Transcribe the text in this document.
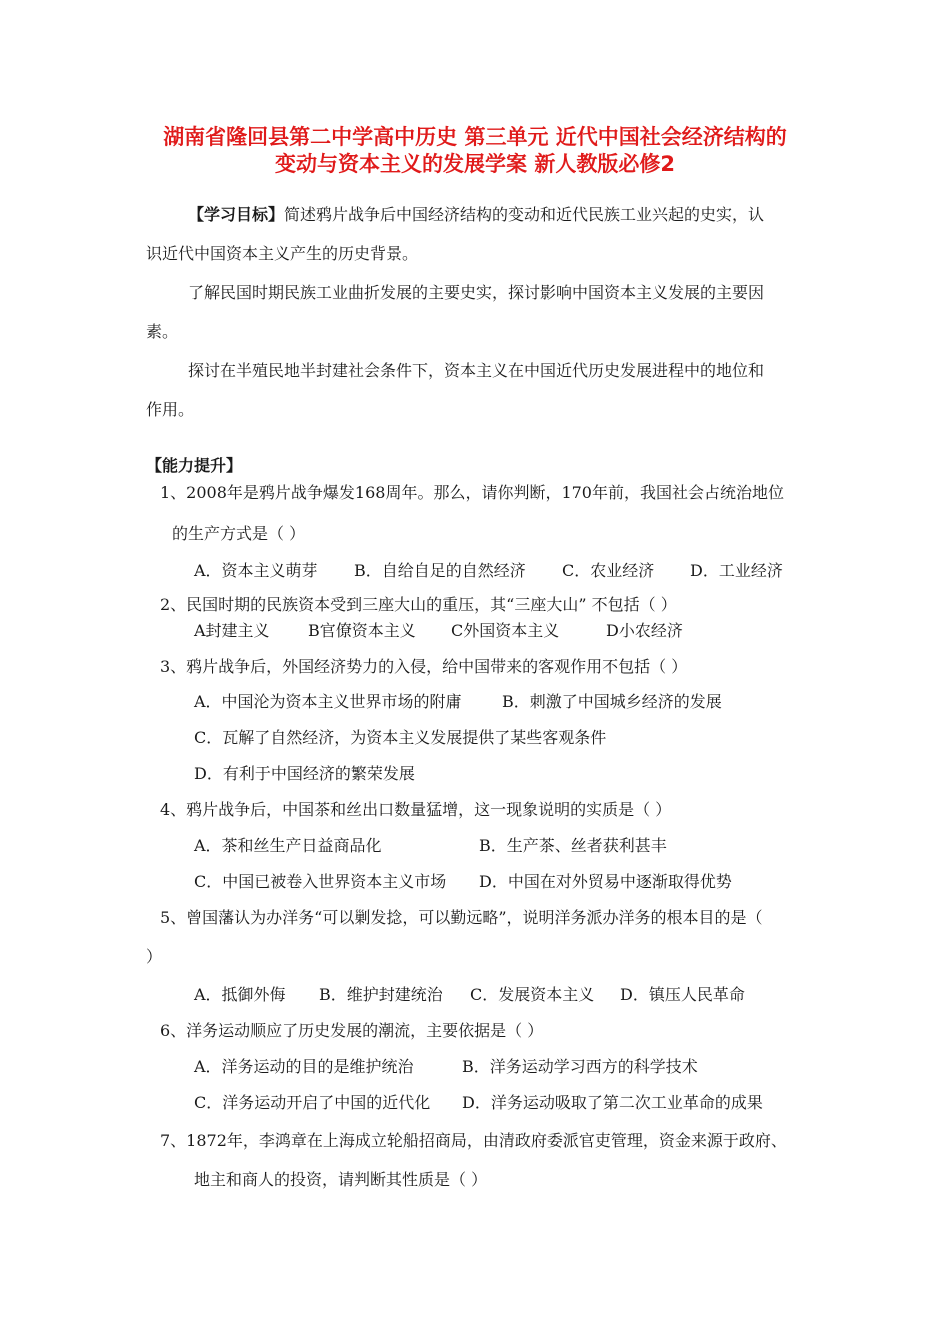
湖南省隆回县第二中学高中历史 第三单元 近代中国社会经济结构的
变动与资本主义的发展学案 新人教版必修2
【学习目标】简述鸦片战争后中国经济结构的变动和近代民族工业兴起的史实，认
识近代中国资本主义产生的历史背景。
了解民国时期民族工业曲折发展的主要史实，探讨影响中国资本主义发展的主要因
素。
探讨在半殖民地半封建社会条件下，资本主义在中国近代历史发展进程中的地位和
作用。
【能力提升】
1、2008年是鸦片战争爆发168周年。那么，请你判断，170年前，我国社会占统治地位
的生产方式是（ ）
A．资本主义萌芽 B．自给自足的自然经济 C．农业经济 D．工业经济
2、民国时期的民族资本受到三座大山的重压，其“三座大山” 不包括（ ）
A封建主义 B官僚资本主义 C外国资本主义	D小农经济
3、鸦片战争后，外国经济势力的入侵，给中国带来的客观作用不包括（ ）
A．中国沦为资本主义世界市场的附庸	B．刺激了中国城乡经济的发展
C．瓦解了自然经济，为资本主义发展提供了某些客观条件
D．有利于中国经济的繁荣发展
4、鸦片战争后，中国茶和丝出口数量猛增，这一现象说明的实质是（ ）
A．茶和丝生产日益商品化	B．生产茶、丝者获利甚丰
C．中国已被卷入世界资本主义市场 D．中国在对外贸易中逐渐取得优势
5、曾国藩认为办洋务“可以剿发捻，可以勤远略”，说明洋务派办洋务的根本目的是（
）
A．抵御外侮 B．维护封建统治 C．发展资本主义 D．镇压人民革命
6、洋务运动顺应了历史发展的潮流，主要依据是（ ）
A．洋务运动的目的是维护统治	B．洋务运动学习西方的科学技术
C．洋务运动开启了中国的近代化 D．洋务运动吸取了第二次工业革命的成果
7、1872年，李鸿章在上海成立轮船招商局，由清政府委派官吏管理，资金来源于政府、
地主和商人的投资，请判断其性质是（ ）
